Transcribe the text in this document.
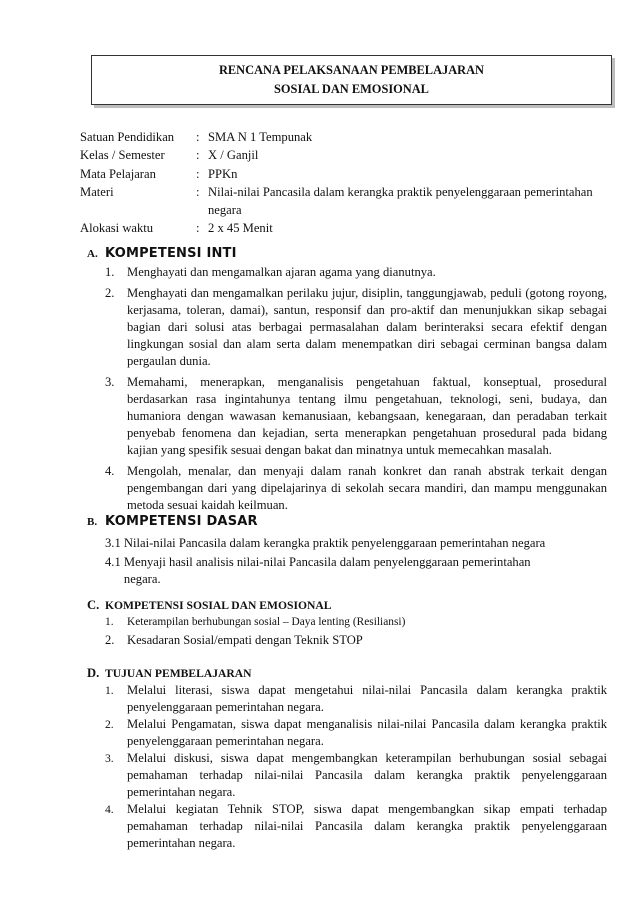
RENCANA PELAKSANAAN PEMBELAJARAN
SOSIAL DAN EMOSIONAL
Satuan Pendidikan	: SMA N 1 Tempunak
Kelas / Semester	: X / Ganjil
Mata Pelajaran	: PPKn
Materi	: Nilai-nilai Pancasila dalam kerangka praktik penyelenggaraan pemerintahan negara
Alokasi waktu	: 2 x 45 Menit
A. KOMPETENSI INTI
1. Menghayati dan mengamalkan ajaran agama yang dianutnya.
2. Menghayati dan mengamalkan perilaku jujur, disiplin, tanggungjawab, peduli (gotong royong, kerjasama, toleran, damai), santun, responsif dan pro-aktif dan menunjukkan sikap sebagai bagian dari solusi atas berbagai permasalahan dalam berinteraksi secara efektif dengan lingkungan sosial dan alam serta dalam menempatkan diri sebagai cerminan bangsa dalam pergaulan dunia.
3. Memahami, menerapkan, menganalisis pengetahuan faktual, konseptual, prosedural berdasarkan rasa ingintahunya tentang ilmu pengetahuan, teknologi, seni, budaya, dan humaniora dengan wawasan kemanusiaan, kebangsaan, kenegaraan, dan peradaban terkait penyebab fenomena dan kejadian, serta menerapkan pengetahuan prosedural pada bidang kajian yang spesifik sesuai dengan bakat dan minatnya untuk memecahkan masalah.
4. Mengolah, menalar, dan menyaji dalam ranah konkret dan ranah abstrak terkait dengan pengembangan dari yang dipelajarinya di sekolah secara mandiri, dan mampu menggunakan metoda sesuai kaidah keilmuan.
B. KOMPETENSI DASAR
3.1
Nilai-nilai Pancasila dalam kerangka praktik penyelenggaraan pemerintahan negara
4.1
Menyaji hasil analisis nilai-nilai Pancasila dalam penyelenggaraan pemerintahan negara.
C. KOMPETENSI SOSIAL DAN EMOSIONAL
1.	Keterampilan berhubungan sosial – Daya lenting (Resiliansi)
2. Kesadaran Sosial/empati dengan Teknik STOP
D. TUJUAN PEMBELAJARAN
1.	Melalui literasi, siswa dapat mengetahui nilai-nilai Pancasila dalam kerangka praktik penyelenggaraan pemerintahan negara.
2.	Melalui Pengamatan, siswa dapat menganalisis nilai-nilai Pancasila dalam kerangka praktik penyelenggaraan pemerintahan negara.
3.	Melalui diskusi, siswa dapat mengembangkan keterampilan berhubungan sosial sebagai pemahaman terhadap nilai-nilai Pancasila dalam kerangka praktik penyelenggaraan pemerintahan negara.
4.	Melalui kegiatan Tehnik STOP, siswa dapat mengembangkan sikap empati terhadap pemahaman terhadap nilai-nilai Pancasila dalam kerangka praktik penyelenggaraan pemerintahan negara.
